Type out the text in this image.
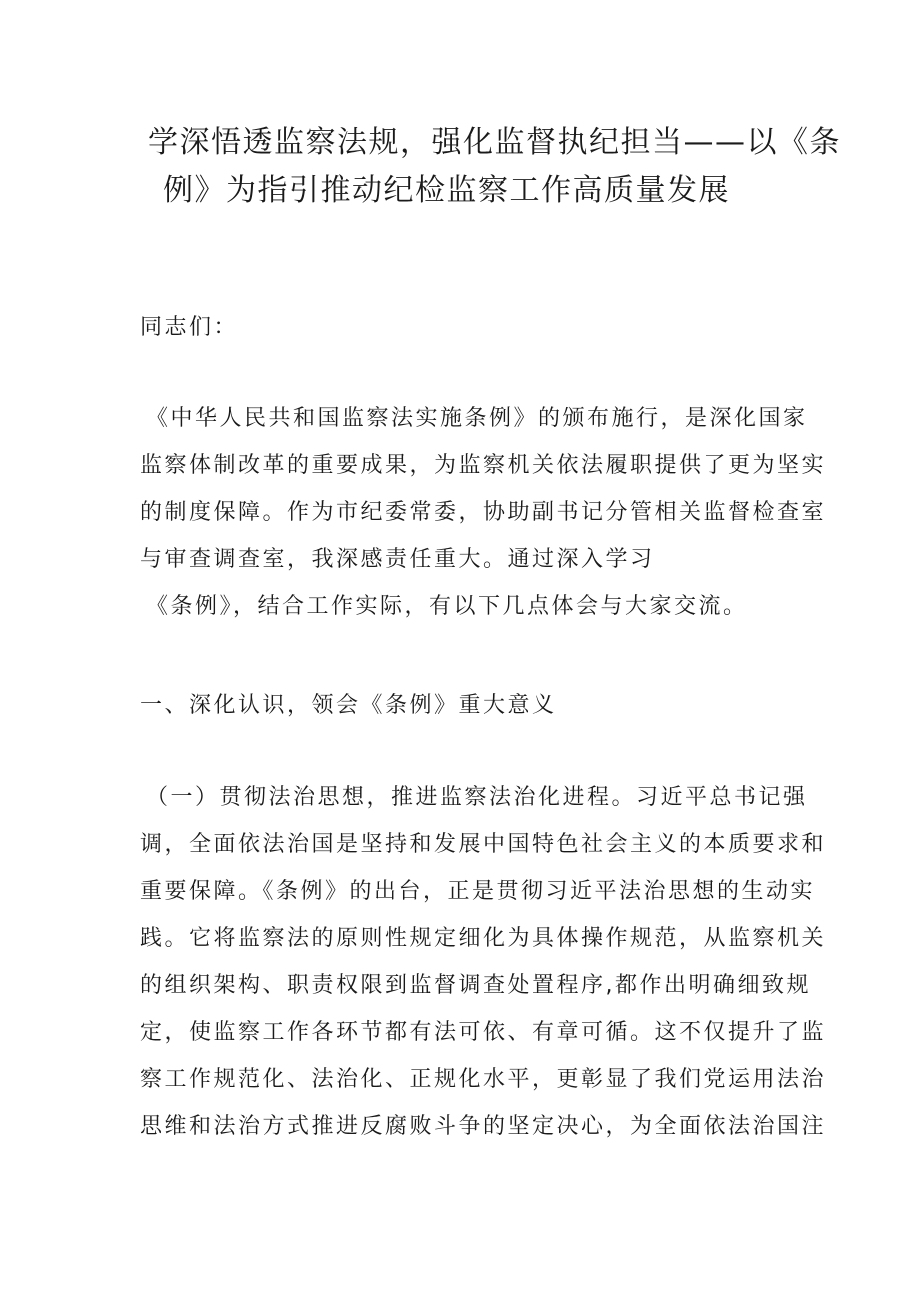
学深悟透监察法规，强化监督执纪担当——以《条
例》为指引推动纪检监察工作高质量发展

同志们：

《中华人民共和国监察法实施条例》的颁布施行，是深化国家
监察体制改革的重要成果，为监察机关依法履职提供了更为坚实
的制度保障。作为市纪委常委，协助副书记分管相关监督检查室
与审查调查室，我深感责任重大。通过深入学习
《条例》，结合工作实际，有以下几点体会与大家交流。
一、深化认识，领会《条例》重大意义
（一）贯彻法治思想，推进监察法治化进程。习近平总书记强
调，全面依法治国是坚持和发展中国特色社会主义的本质要求和
重要保障。《条例》的出台，正是贯彻习近平法治思想的生动实
践。它将监察法的原则性规定细化为具体操作规范，从监察机关
的组织架构、职责权限到监督调查处置程序,都作出明确细致规
定，使监察工作各环节都有法可依、有章可循。这不仅提升了监
察工作规范化、法治化、正规化水平，更彰显了我们党运用法治
思维和法治方式推进反腐败斗争的坚定决心，为全面依法治国注
